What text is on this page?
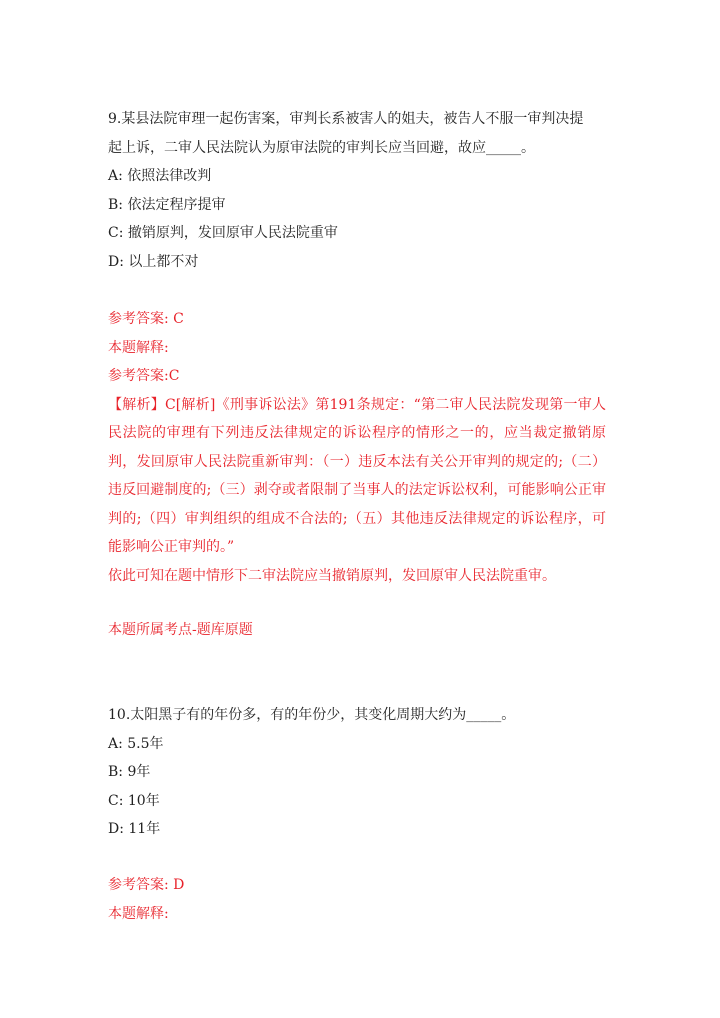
9.某县法院审理一起伤害案，审判长系被害人的姐夫，被告人不服一审判决提
起上诉，二审人民法院认为原审法院的审判长应当回避，故应_____。
A: 依照法律改判
B: 依法定程序提审
C: 撤销原判，发回原审人民法院重审
D: 以上都不对
参考答案: C
本题解释:
参考答案:C
【解析】C[解析]《刑事诉讼法》第191条规定：“第二审人民法院发现第一审人民法院的审理有下列违反法律规定的诉讼程序的情形之一的，应当裁定撤销原判，发回原审人民法院重新审判：（一）违反本法有关公开审判的规定的;（二）违反回避制度的;（三）剥夺或者限制了当事人的法定诉讼权利，可能影响公正审判的;（四）审判组织的组成不合法的;（五）其他违反法律规定的诉讼程序，可能影响公正审判的。”
依此可知在题中情形下二审法院应当撤销原判，发回原审人民法院重审。
本题所属考点-题库原题
10.太阳黑子有的年份多，有的年份少，其变化周期大约为_____。
A: 5.5年
B: 9年
C: 10年
D: 11年
参考答案: D
本题解释:
